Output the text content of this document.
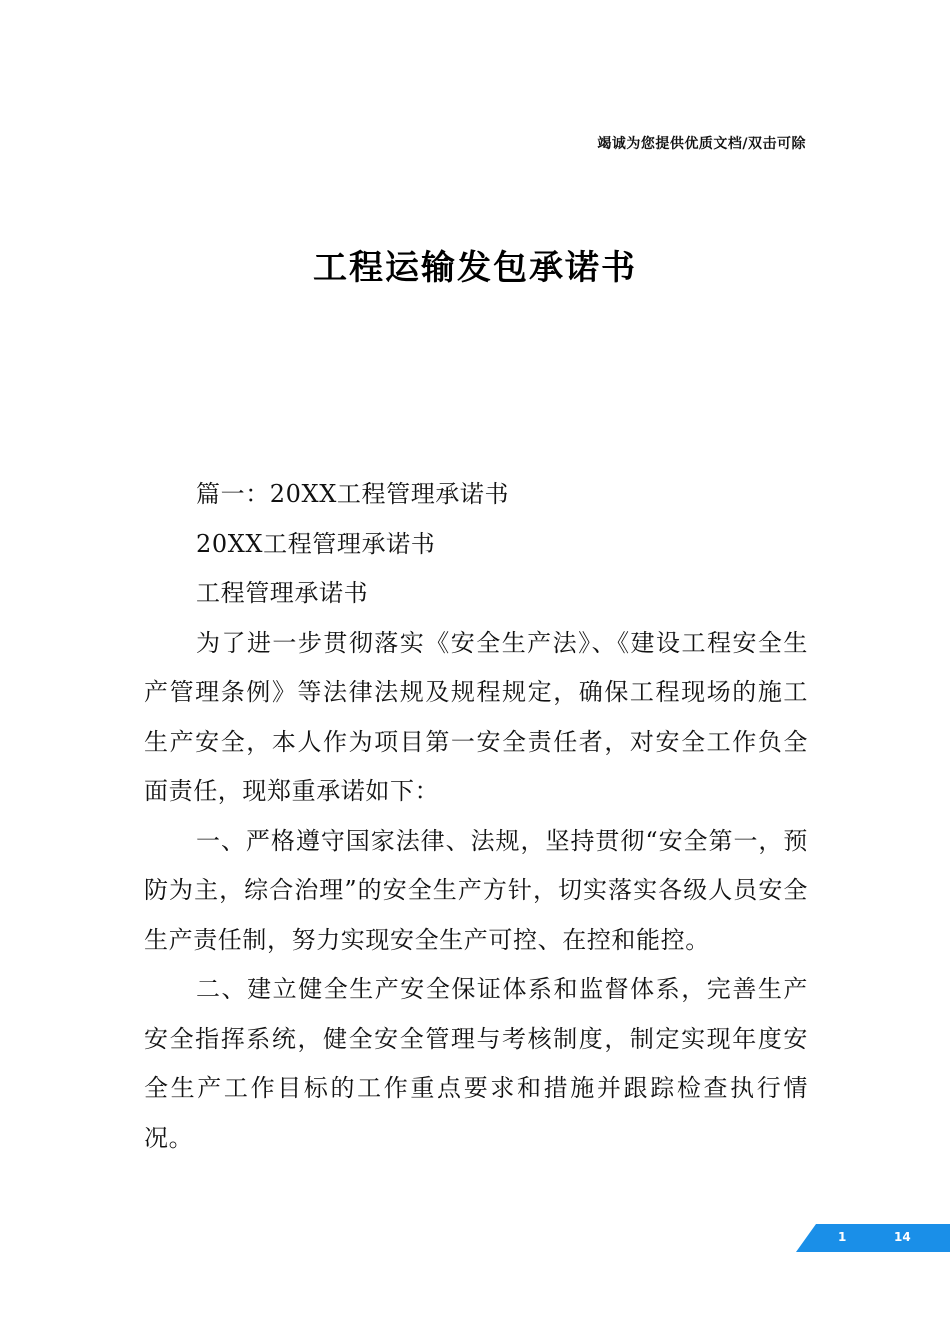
竭诚为您提供优质文档/双击可除
工程运输发包承诺书

篇一：20XX工程管理承诺书

20XX工程管理承诺书

工程管理承诺书

为了进一步贯彻落实《安全生产法》、《建设工程安全生产管理条例》等法律法规及规程规定，确保工程现场的施工生产安全，本人作为项目第一安全责任者，对安全工作负全面责任，现郑重承诺如下：

一、严格遵守国家法律、法规，坚持贯彻“安全第一，预防为主，综合治理”的安全生产方针，切实落实各级人员安全生产责任制，努力实现安全生产可控、在控和能控。

二、建立健全生产安全保证体系和监督体系，完善生产安全指挥系统，健全安全管理与考核制度，制定实现年度安全生产工作目标的工作重点要求和措施并跟踪检查执行情况。

1	14
